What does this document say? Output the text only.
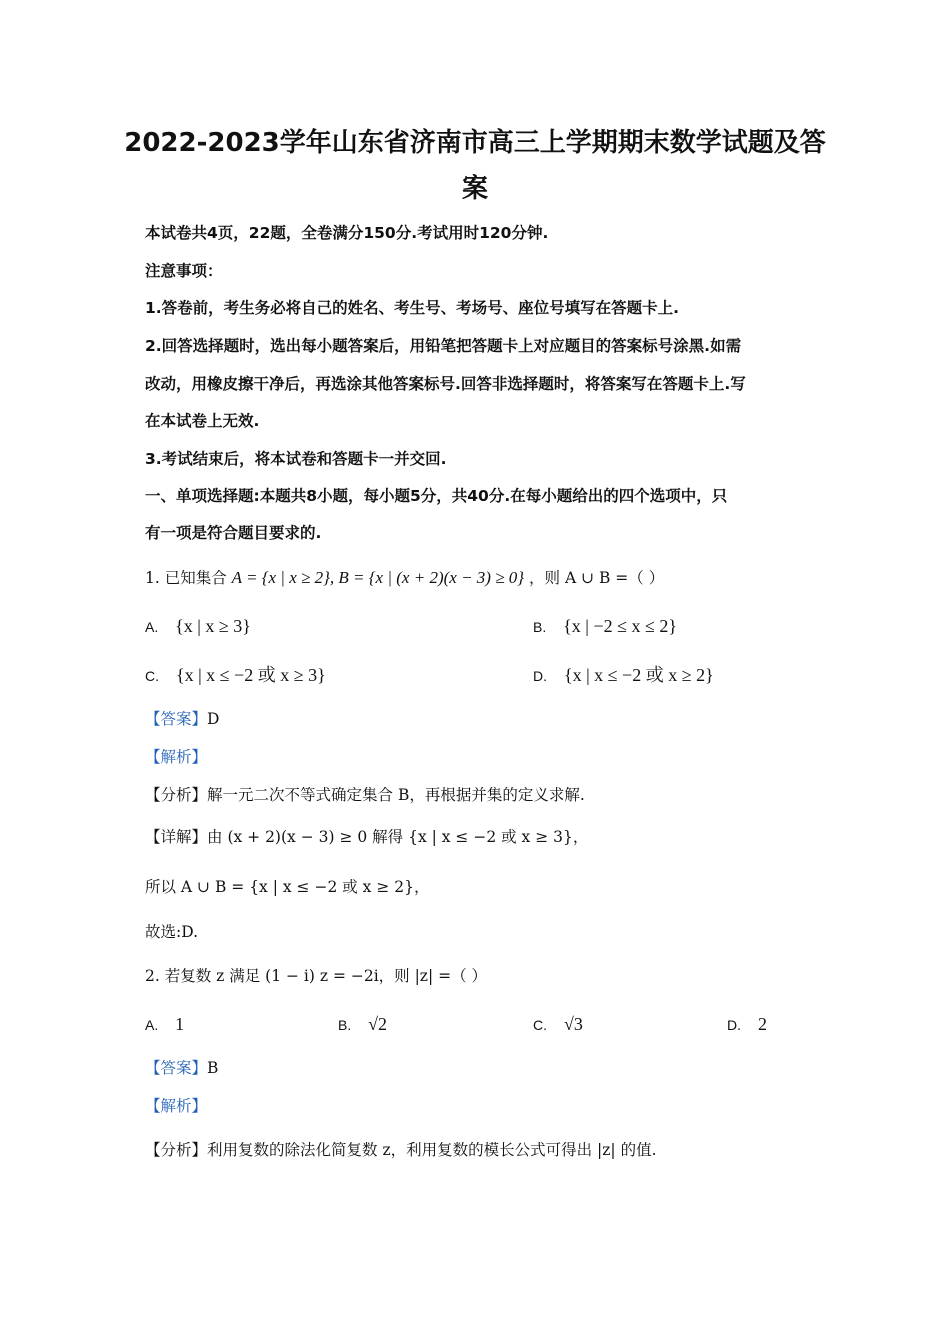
2022-2023学年山东省济南市高三上学期期末数学试题及答
案
本试卷共4页，22题，全卷满分150分.考试用时120分钟.
注意事项：
1.答卷前，考生务必将自己的姓名、考生号、考场号、座位号填写在答题卡上.
2.回答选择题时，选出每小题答案后，用铅笔把答题卡上对应题目的答案标号涂黑.如需
改动，用橡皮擦干净后，再选涂其他答案标号.回答非选择题时，将答案写在答题卡上.写
在本试卷上无效.
3.考试结束后，将本试卷和答题卡一并交回.
一、单项选择题:本题共8小题，每小题5分，共40分.在每小题给出的四个选项中，只
有一项是符合题目要求的.
1. 已知集合 A = {x | x ≥ 2}, B = {x | (x + 2)(x − 3) ≥ 0} ，则 A ∪ B =（ ）
A. {x | x ≥ 3}	B. {x | −2 ≤ x ≤ 2}
C. {x | x ≤ −2 或 x ≥ 3}	D. {x | x ≤ −2 或 x ≥ 2}
【答案】D
【解析】
【分析】解一元二次不等式确定集合 B，再根据并集的定义求解.
【详解】由 (x + 2)(x − 3) ≥ 0 解得 {x | x ≤ −2 或 x ≥ 3}，
所以 A ∪ B = {x | x ≤ −2 或 x ≥ 2}，
故选:D.
2. 若复数 z 满足 (1 − i) z = −2i，则 |z| =（ ）
A. 1	B. √2	C. √3	D. 2
【答案】B
【解析】
【分析】利用复数的除法化简复数 z，利用复数的模长公式可得出 |z| 的值.
